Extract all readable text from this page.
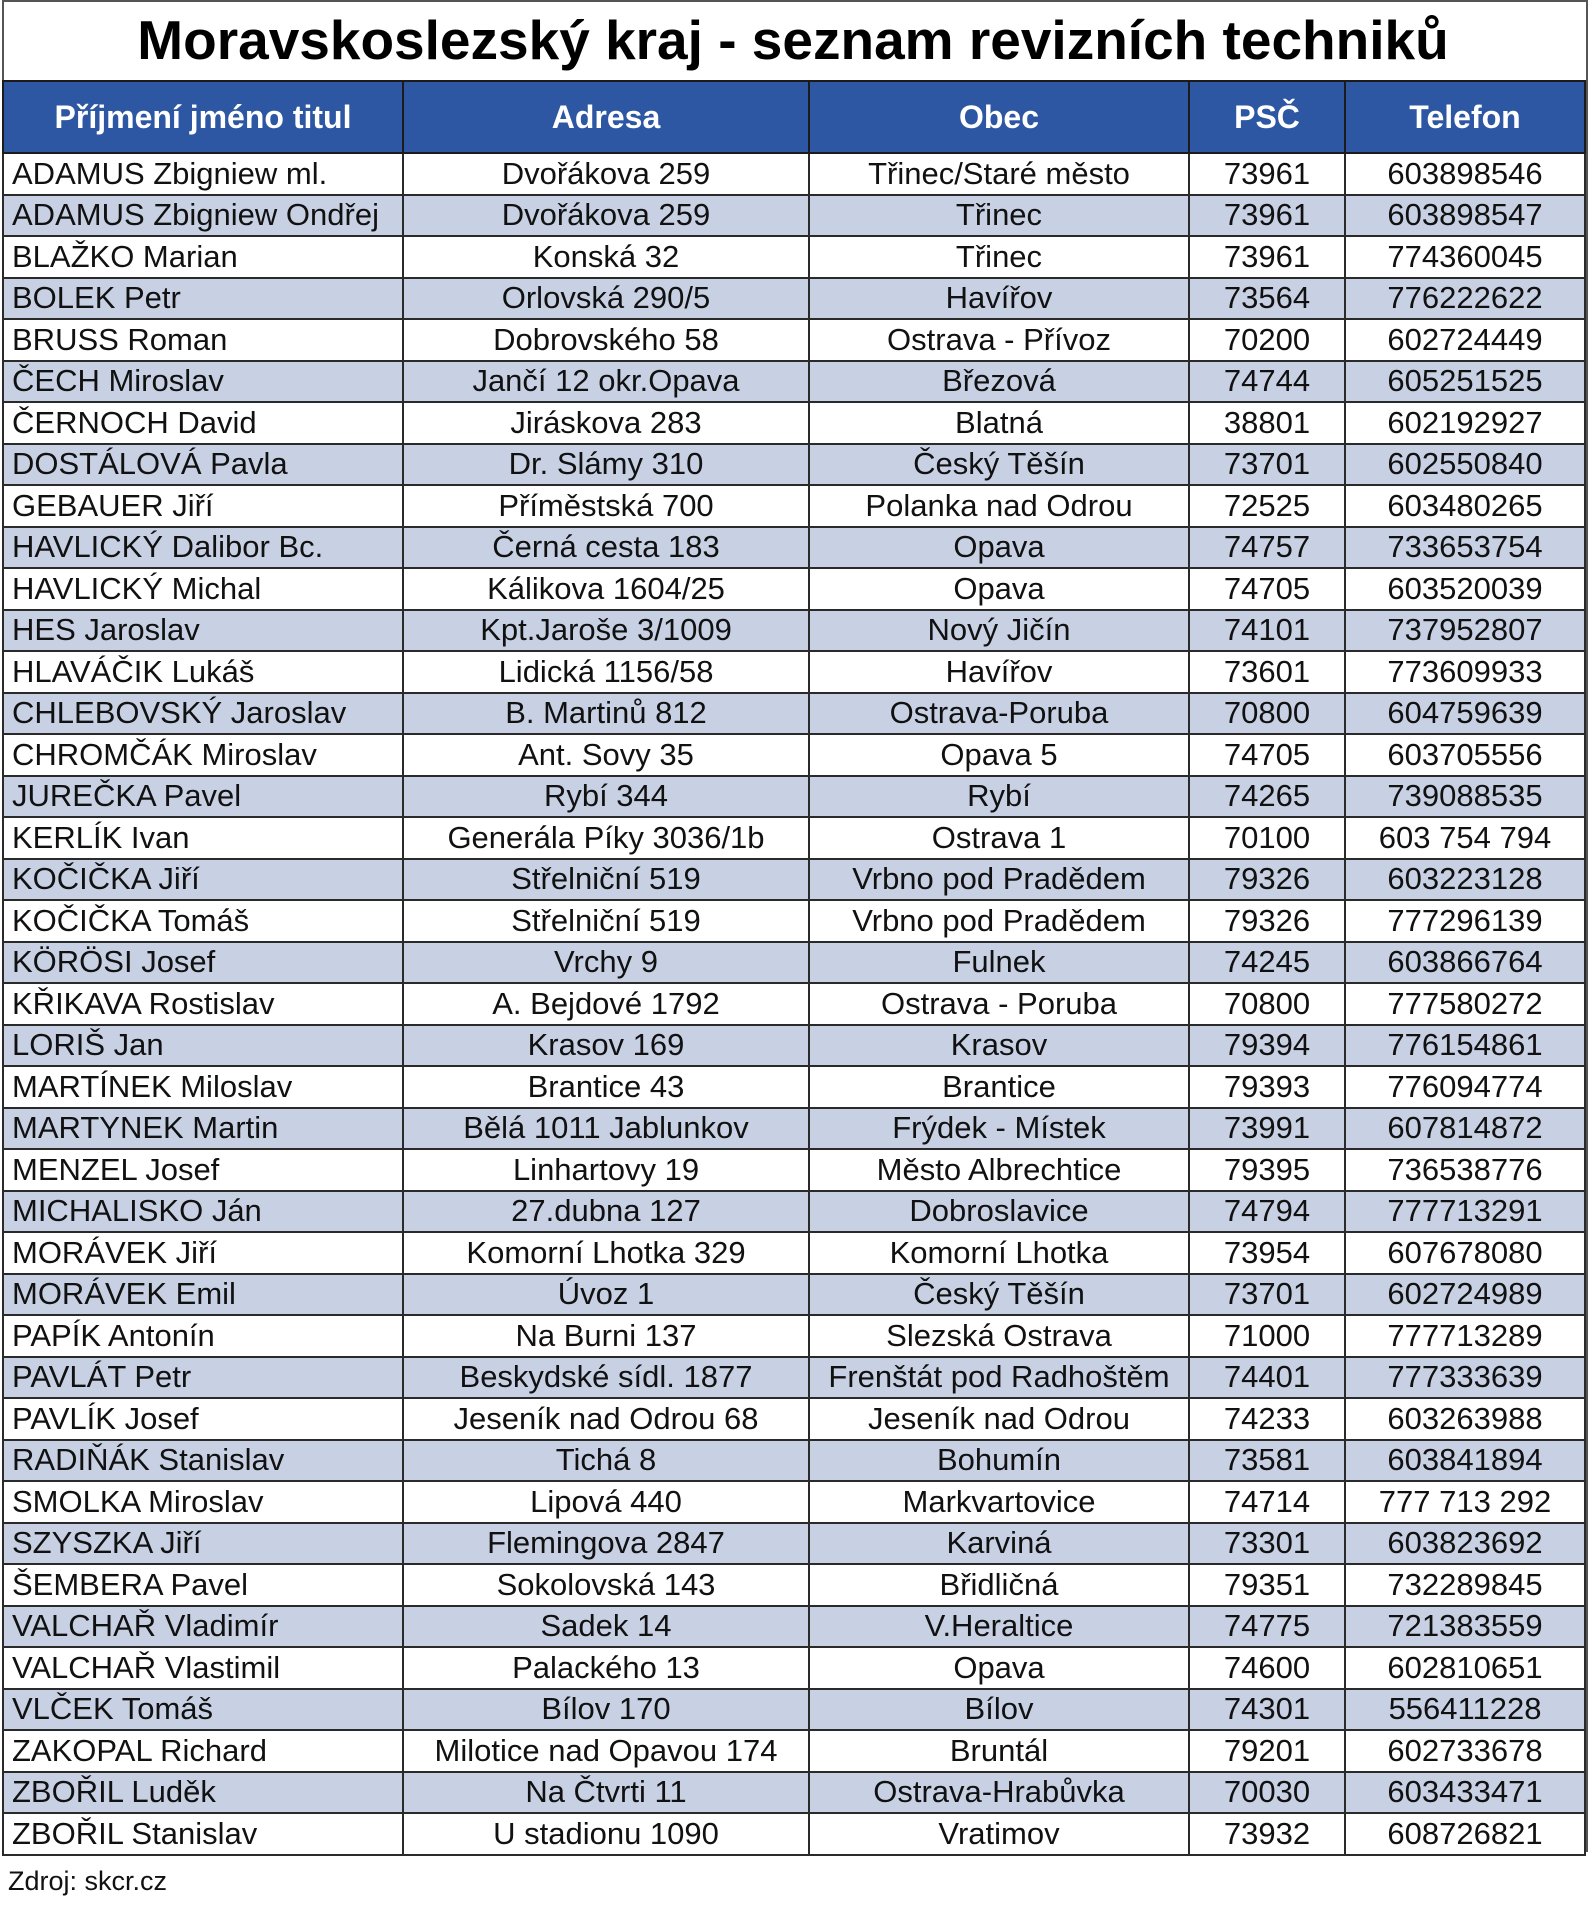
Moravskoslezský kraj - seznam revizních techniků
Příjmení jméno titul	Adresa	Obec	PSČ	Telefon
ADAMUS Zbigniew ml.	Dvořákova 259	Třinec/Staré město	73961	603898546
ADAMUS Zbigniew Ondřej	Dvořákova 259	Třinec	73961	603898547
BLAŽKO Marian	Konská 32	Třinec	73961	774360045
BOLEK Petr	Orlovská 290/5	Havířov	73564	776222622
BRUSS Roman	Dobrovského 58	Ostrava - Přívoz	70200	602724449
ČECH Miroslav	Jančí 12 okr.Opava	Březová	74744	605251525
ČERNOCH David	Jiráskova 283	Blatná	38801	602192927
DOSTÁLOVÁ Pavla	Dr. Slámy 310	Český Těšín	73701	602550840
GEBAUER Jiří	Příměstská 700	Polanka nad Odrou	72525	603480265
HAVLICKÝ Dalibor Bc.	Černá cesta 183	Opava	74757	733653754
HAVLICKÝ Michal	Kálikova 1604/25	Opava	74705	603520039
HES Jaroslav	Kpt.Jaroše 3/1009	Nový Jičín	74101	737952807
HLAVÁČIK Lukáš	Lidická 1156/58	Havířov	73601	773609933
CHLEBOVSKÝ Jaroslav	B. Martinů 812	Ostrava-Poruba	70800	604759639
CHROMČÁK Miroslav	Ant. Sovy 35	Opava 5	74705	603705556
JUREČKA Pavel	Rybí 344	Rybí	74265	739088535
KERLÍK Ivan	Generála Píky 3036/1b	Ostrava 1	70100	603 754 794
KOČIČKA Jiří	Střelniční 519	Vrbno pod Pradědem	79326	603223128
KOČIČKA Tomáš	Střelniční 519	Vrbno pod Pradědem	79326	777296139
KÖRÖSI Josef	Vrchy 9	Fulnek	74245	603866764
KŘIKAVA Rostislav	A. Bejdové 1792	Ostrava - Poruba	70800	777580272
LORIŠ Jan	Krasov 169	Krasov	79394	776154861
MARTÍNEK Miloslav	Brantice 43	Brantice	79393	776094774
MARTYNEK Martin	Bělá 1011 Jablunkov	Frýdek - Místek	73991	607814872
MENZEL Josef	Linhartovy 19	Město Albrechtice	79395	736538776
MICHALISKO Ján	27.dubna 127	Dobroslavice	74794	777713291
MORÁVEK Jiří	Komorní Lhotka 329	Komorní Lhotka	73954	607678080
MORÁVEK Emil	Úvoz 1	Český Těšín	73701	602724989
PAPÍK Antonín	Na Burni 137	Slezská Ostrava	71000	777713289
PAVLÁT Petr	Beskydské sídl. 1877	Frenštát pod Radhoštěm	74401	777333639
PAVLÍK Josef	Jeseník nad Odrou 68	Jeseník nad Odrou	74233	603263988
RADIŇÁK Stanislav	Tichá 8	Bohumín	73581	603841894
SMOLKA Miroslav	Lipová 440	Markvartovice	74714	777 713 292
SZYSZKA Jiří	Flemingova 2847	Karviná	73301	603823692
ŠEMBERA Pavel	Sokolovská 143	Břidličná	79351	732289845
VALCHAŘ Vladimír	Sadek 14	V.Heraltice	74775	721383559
VALCHAŘ Vlastimil	Palackého 13	Opava	74600	602810651
VLČEK Tomáš	Bílov 170	Bílov	74301	556411228
ZAKOPAL Richard	Milotice nad Opavou 174	Bruntál	79201	602733678
ZBOŘIL Luděk	Na Čtvrti 11	Ostrava-Hrabůvka	70030	603433471
ZBOŘIL Stanislav	U stadionu 1090	Vratimov	73932	608726821
Zdroj: skcr.cz
